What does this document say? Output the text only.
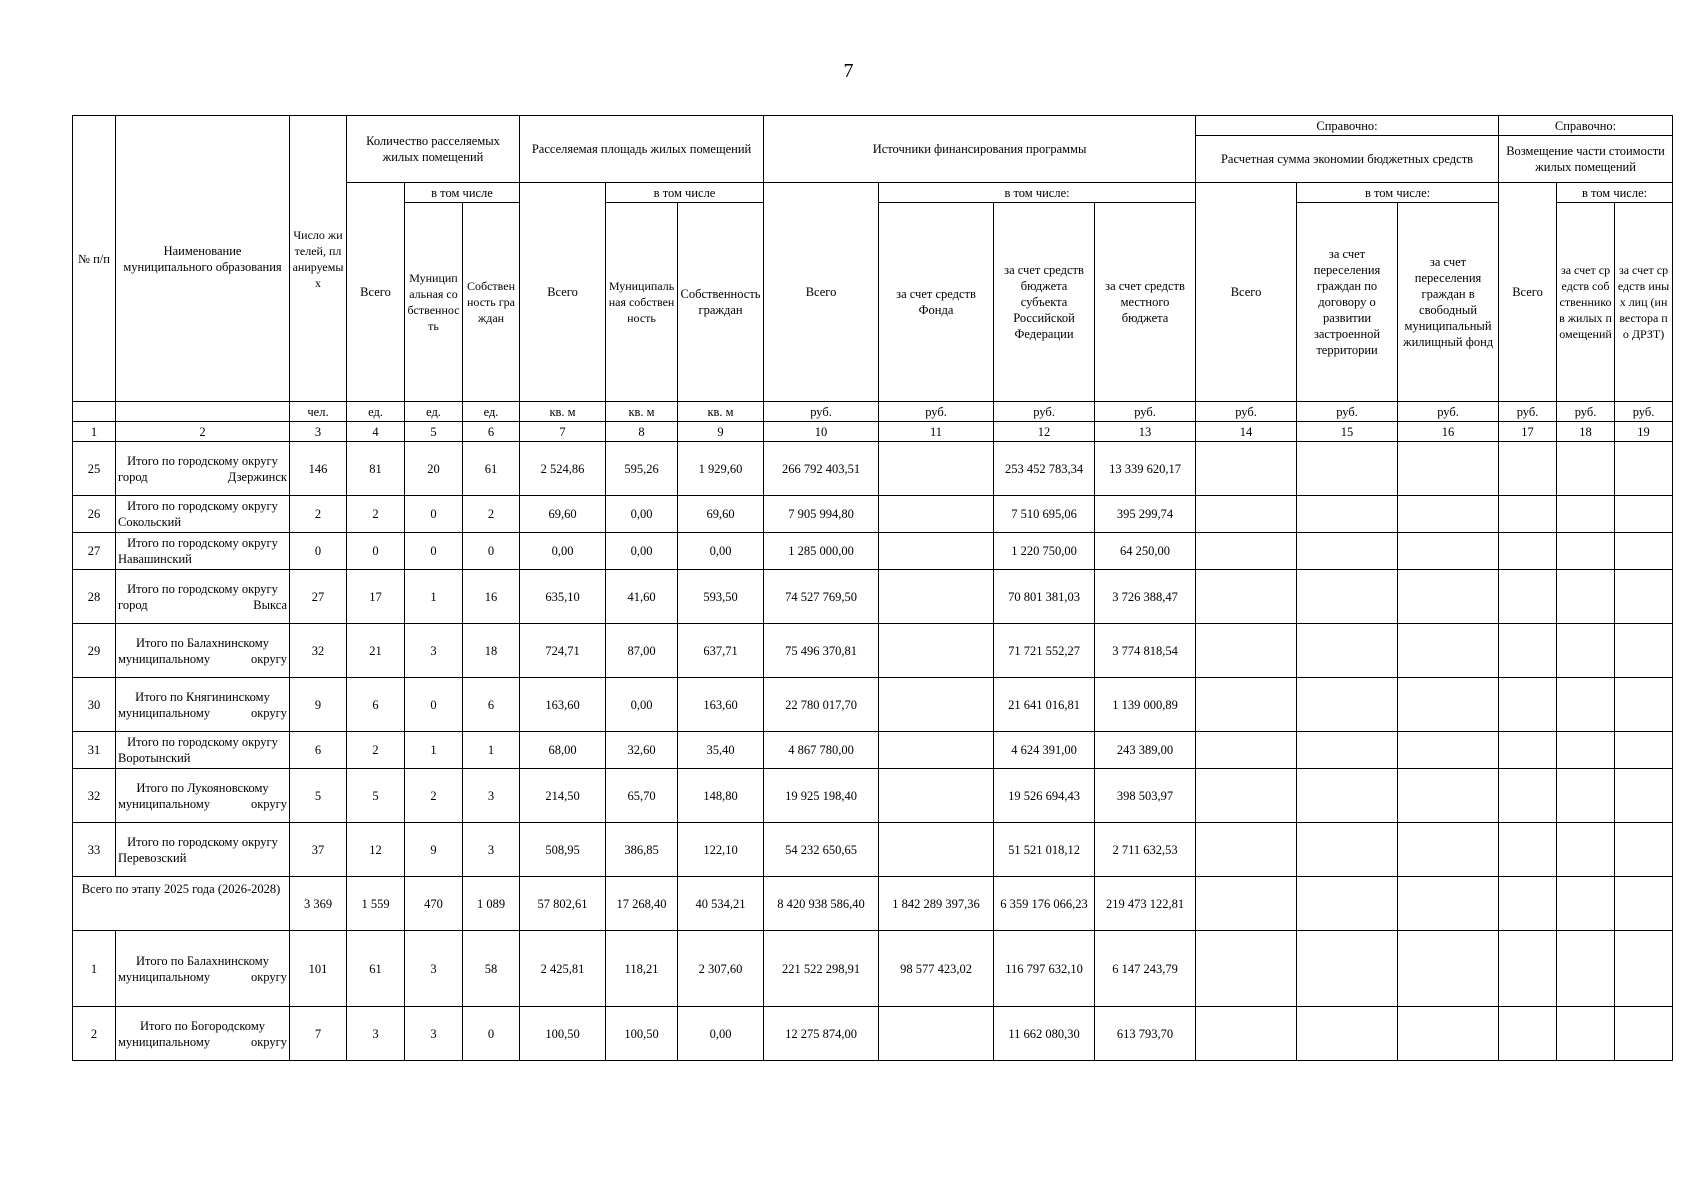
7
№ п/п	Наименование муниципального образования	Число жителей, планируемых	Количество расселяемых жилых помещений			Расселяемая площадь жилых помещений			Источники финансирования программы				Справочно:			Справочно:		
													Расчетная сумма экономии бюджетных средств			Возмещение части стоимости жилых помещений		
			Всего	в том числе		Всего	в том числе		Всего	в том числе:			Всего	в том числе:		Всего	в том числе:	
				Муниципальная собственность	Собственность граждан		Муниципальная собственность	Собственность граждан		за счет средств Фонда	за счет средств бюджета субъекта Российской Федерации	за счет средств местного бюджета		за счет переселения граждан по договору о развитии застроенной территории	за счет переселения граждан в свободный муниципальный жилищный фонд		за счет средств собственников жилых помещений	за счет средств иных лиц (инвестора по ДРЗТ)
		чел.	ед.	ед.	ед.	кв. м	кв. м	кв. м	руб.	руб.	руб.	руб.	руб.	руб.	руб.	руб.	руб.	руб.
1	2	3	4	5	6	7	8	9	10	11	12	13	14	15	16	17	18	19
25	Итого по городскому округу город Дзержинск	146	81	20	61	2 524,86	595,26	1 929,60	266 792 403,51		253 452 783,34	13 339 620,17						
26	Итого по городскому округу Сокольский	2	2	0	2	69,60	0,00	69,60	7 905 994,80		7 510 695,06	395 299,74						
27	Итого по городскому округу Навашинский	0	0	0	0	0,00	0,00	0,00	1 285 000,00		1 220 750,00	64 250,00						
28	Итого по городскому округу город Выкса	27	17	1	16	635,10	41,60	593,50	74 527 769,50		70 801 381,03	3 726 388,47						
29	Итого по Балахнинскому муниципальному округу	32	21	3	18	724,71	87,00	637,71	75 496 370,81		71 721 552,27	3 774 818,54						
30	Итого по Княгининскому муниципальному округу	9	6	0	6	163,60	0,00	163,60	22 780 017,70		21 641 016,81	1 139 000,89						
31	Итого по городскому округу Воротынский	6	2	1	1	68,00	32,60	35,40	4 867 780,00		4 624 391,00	243 389,00						
32	Итого по Лукояновскому муниципальному округу	5	5	2	3	214,50	65,70	148,80	19 925 198,40		19 526 694,43	398 503,97						
33	Итого по городскому округу Перевозский	37	12	9	3	508,95	386,85	122,10	54 232 650,65		51 521 018,12	2 711 632,53						
Всего по этапу 2025 года (2026-2028)		3 369	1 559	470	1 089	57 802,61	17 268,40	40 534,21	8 420 938 586,40	1 842 289 397,36	6 359 176 066,23	219 473 122,81						
1	Итого по Балахнинскому муниципальному округу	101	61	3	58	2 425,81	118,21	2 307,60	221 522 298,91	98 577 423,02	116 797 632,10	6 147 243,79						
2	Итого по Богородскому муниципальному округу	7	3	3	0	100,50	100,50	0,00	12 275 874,00		11 662 080,30	613 793,70						
